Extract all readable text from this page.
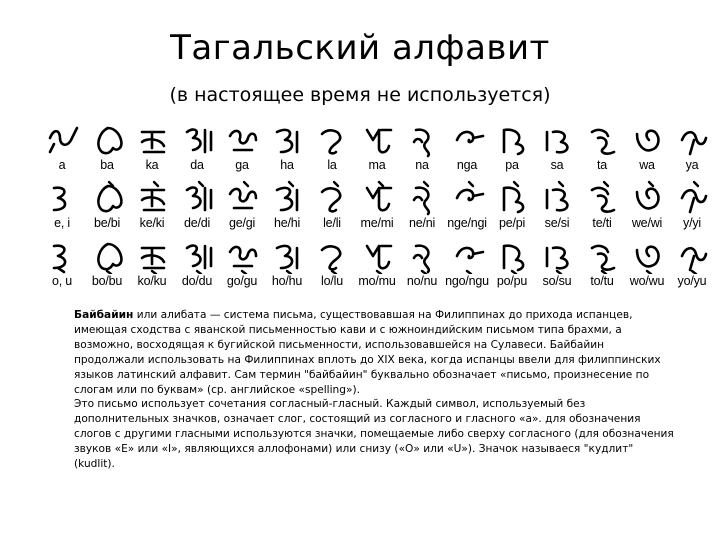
Тагальский алфавит
(в настоящее время не используется)
a	ba	ka	da	ga	ha	la	ma	na	nga	pa	sa	ta	wa	ya
e, i	be/bi	ke/ki	de/di	ge/gi	he/hi	le/li	me/mi	ne/ni nge/ngi pe/pi	se/si	te/ti	we/wi	y/yi
o, u	bo/bu	ko/ku	do/du	go/gu	ho/hu	lo/lu	mo/mu no/nu ngo/ngu po/pu	so/su	to/tu	wo/wu	yo/yu

Байбайин или алибата — система письма, существовавшая на Филиппинах до прихода испанцев, имеющая сходства с яванской письменностью кави и с южноиндийским письмом типа брахми, а возможно, восходящая к бугийской письменности, использовавшейся на Сулавеси. Байбайин продолжали использовать на Филиппинах вплоть до XIX века, когда испанцы ввели для филиппинских языков латинский алфавит. Сам термин "байбайин" буквально обозначает «письмо, произнесение по слогам или по буквам» (ср. английское «spelling»).

Это письмо использует сочетания согласный-гласный. Каждый символ, используемый без дополнительных значков, означает слог, состоящий из согласного и гласного «а». для обозначения слогов с другими гласными используются значки, помещаемые либо сверху согласного (для обозначения звуков «E» или «I», являющихся аллофонами) или снизу («O» или «U»). Значок называеся "кудлит" (kudlit).
